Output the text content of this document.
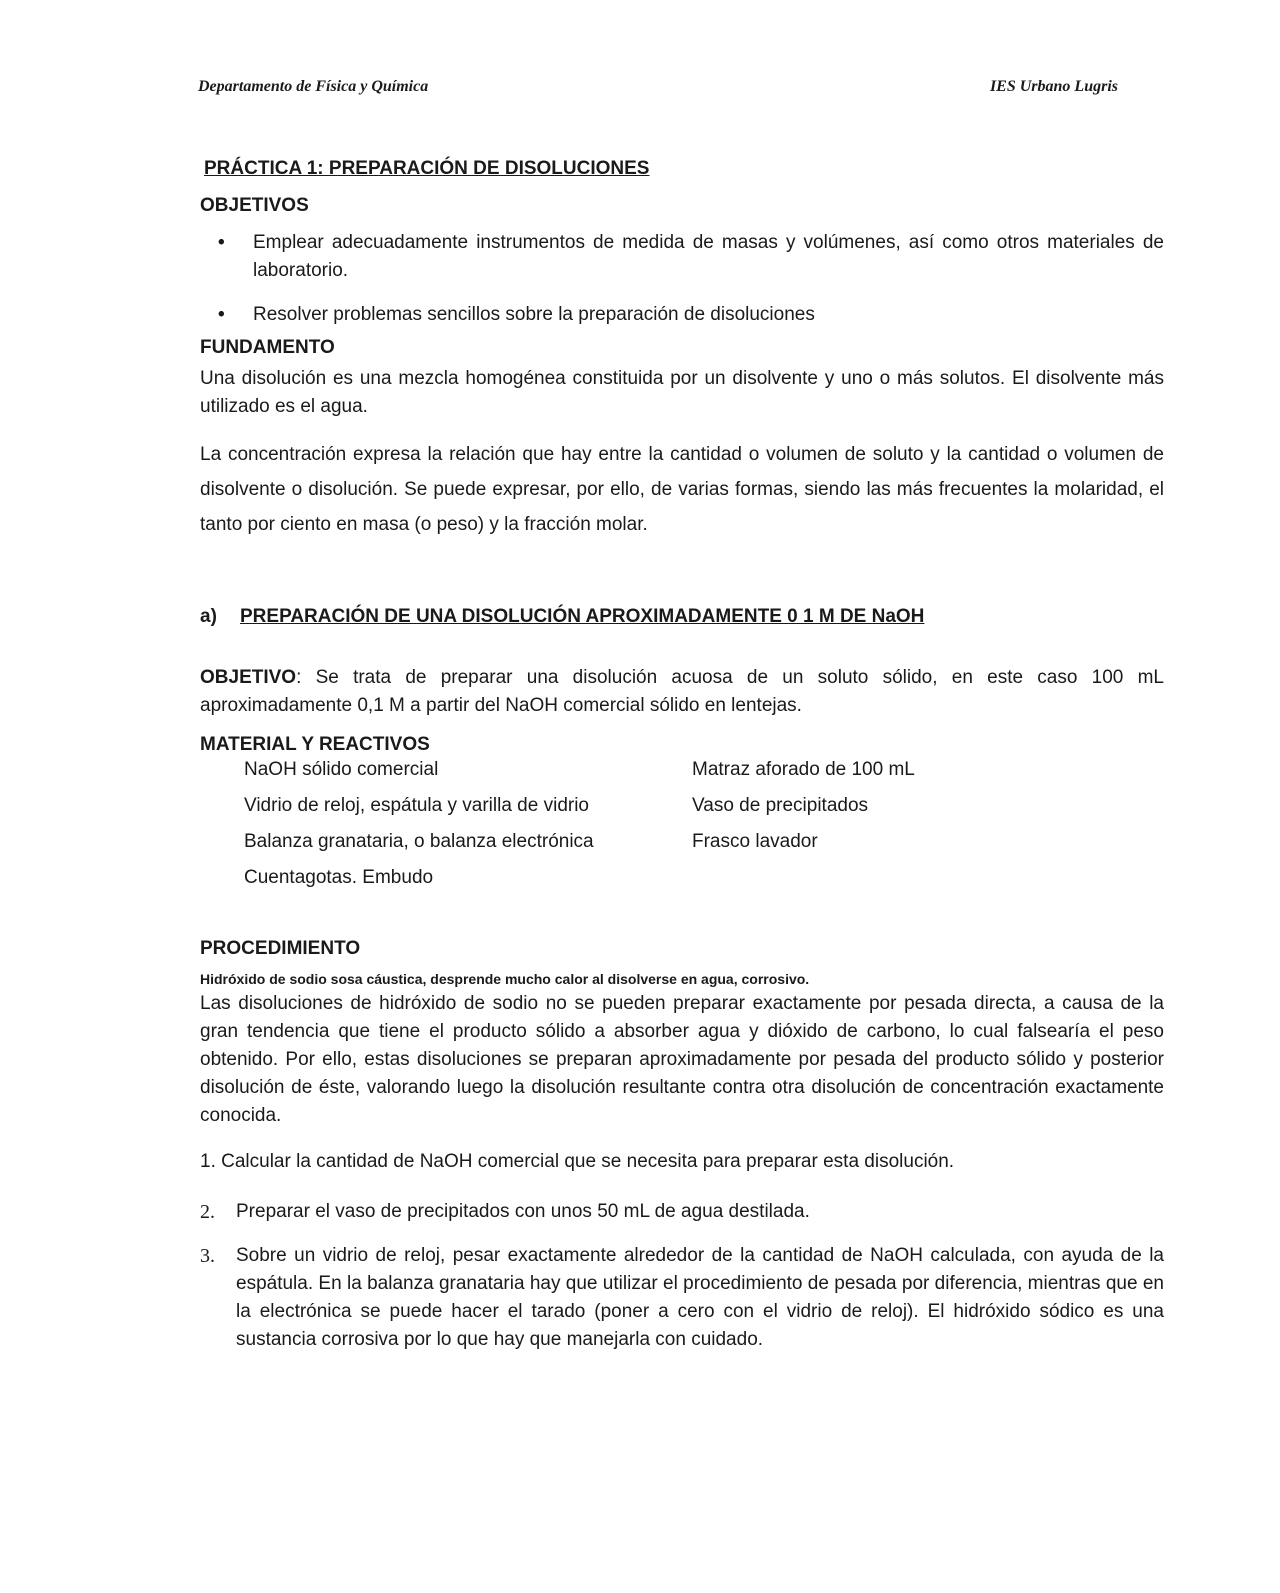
Departamento de Física y Química	IES Urbano Lugris
PRÁCTICA 1: PREPARACIÓN DE DISOLUCIONES
OBJETIVOS
• Emplear adecuadamente instrumentos de medida de masas y volúmenes, así como otros materiales de laboratorio.
• Resolver problemas sencillos sobre la preparación de disoluciones
FUNDAMENTO

Una disolución es una mezcla homogénea constituida por un disolvente y uno o más solutos. El disolvente más utilizado es el agua.

La concentración expresa la relación que hay entre la cantidad o volumen de soluto y la cantidad o volumen de disolvente o disolución. Se puede expresar, por ello, de varias formas, siendo las más frecuentes la molaridad, el tanto por ciento en masa (o peso) y la fracción molar.

a) PREPARACIÓN DE UNA DISOLUCIÓN APROXIMADAMENTE 0 1 M DE NaOH

OBJETIVO: Se trata de preparar una disolución acuosa de un soluto sólido, en este caso 100 mL aproximadamente 0,1 M a partir del NaOH comercial sólido en lentejas.

MATERIAL Y REACTIVOS
NaOH sólido comercial
Vidrio de reloj, espátula y varilla de vidrio
Balanza granataria, o balanza electrónica
Cuentagotas. Embudo
Matraz aforado de 100 mL
Vaso de precipitados
Frasco lavador
PROCEDIMIENTO
Hidróxido de sodio sosa cáustica, desprende mucho calor al disolverse en agua, corrosivo.

Las disoluciones de hidróxido de sodio no se pueden preparar exactamente por pesada directa, a causa de la gran tendencia que tiene el producto sólido a absorber agua y dióxido de carbono, lo cual falsearía el peso obtenido. Por ello, estas disoluciones se preparan aproximadamente por pesada del producto sólido y posterior disolución de éste, valorando luego la disolución resultante contra otra disolución de concentración exactamente conocida.

1. Calcular la cantidad de NaOH comercial que se necesita para preparar esta disolución.
2. Preparar el vaso de precipitados con unos 50 mL de agua destilada.
3. Sobre un vidrio de reloj, pesar exactamente alrededor de la cantidad de NaOH calculada, con ayuda de la espátula. En la balanza granataria hay que utilizar el procedimiento de pesada por diferencia, mientras que en la electrónica se puede hacer el tarado (poner a cero con el vidrio de reloj). El hidróxido sódico es una sustancia corrosiva por lo que hay que manejarla con cuidado.
